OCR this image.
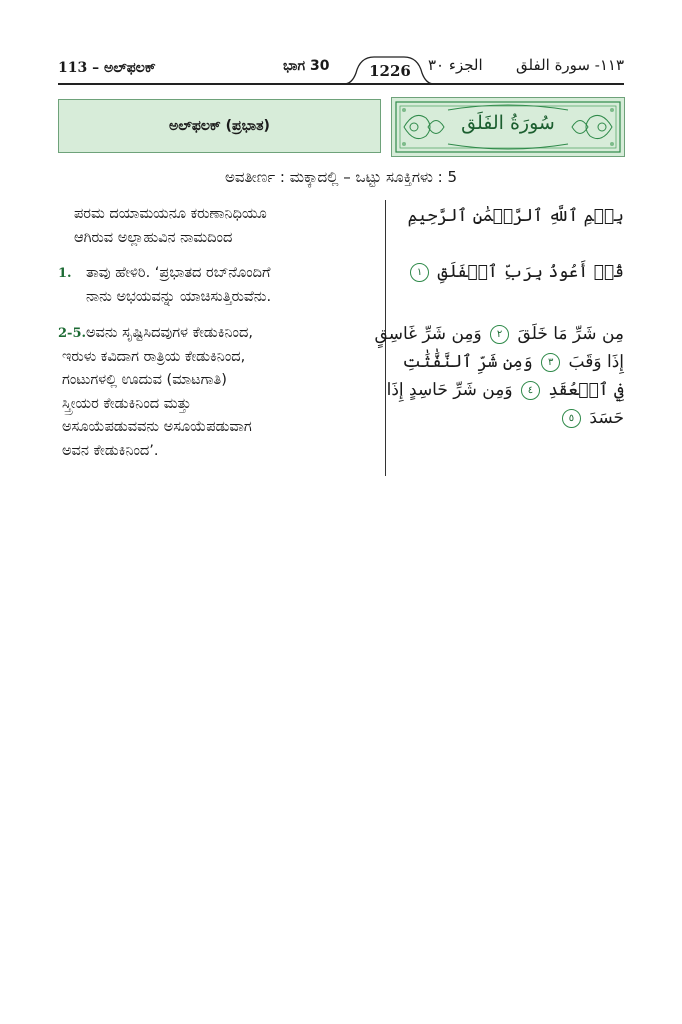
113 – ಅಲ್‌ಫಲಕ್	ಭಾಗ 30	1226	الجزء ٣٠ ١١٣- سورة الفلق
ಅಲ್‌ಫಲಕ್ (ಪ್ರಭಾತ)	سُورَةُ الفَلَق
ಅವತೀರ್ಣ : ಮಕ್ಕಾದಲ್ಲಿ – ಒಟ್ಟು ಸೂಕ್ತಿಗಳು : 5
ಪರಮ ದಯಾಮಯನೂ ಕರುಣಾನಿಧಿಯೂ
ಆಗಿರುವ ಅಲ್ಲಾಹುವಿನ ನಾಮದಿಂದ
1. ತಾವು ಹೇಳಿರಿ. ‘ಪ್ರಭಾತದ ರಬ್‌ನೊಂದಿಗೆ
ನಾನು ಅಭಯವನ್ನು ಯಾಚಿಸುತ್ತಿರುವೆನು.
2-5. ಅವನು ಸೃಷ್ಟಿಸಿದವುಗಳ ಕೇಡುಕಿನಿಂದ,
ಇರುಳು ಕವಿದಾಗ ರಾತ್ರಿಯ ಕೇಡುಕಿನಿಂದ,
ಗಂಟುಗಳಲ್ಲಿ ಊದುವ (ಮಾಟಗಾತಿ)
ಸ್ತ್ರೀಯರ ಕೇಡುಕಿನಿಂದ ಮತ್ತು
ಅಸೂಯೆಪಡುವವನು ಅಸೂಯೆಪಡುವಾಗ
ಅವನ ಕೇಡುಕಿನಿಂದ’.
بِسۡمِ ٱللَّهِ ٱلرَّحۡمَٰنِ ٱلرَّحِيمِ
قُلۡ أَعُوذُ بِرَبِّ ٱلۡفَلَقِ ١
مِن شَرِّ مَا خَلَقَ ٢ وَمِن شَرِّ غَاسِقٍ
إِذَا وَقَبَ ٣ وَمِن شَرِّ ٱلنَّفَّٰثَٰتِ
فِي ٱلۡعُقَدِ ٤ وَمِن شَرِّ حَاسِدٍ إِذَا
حَسَدَ ٥
